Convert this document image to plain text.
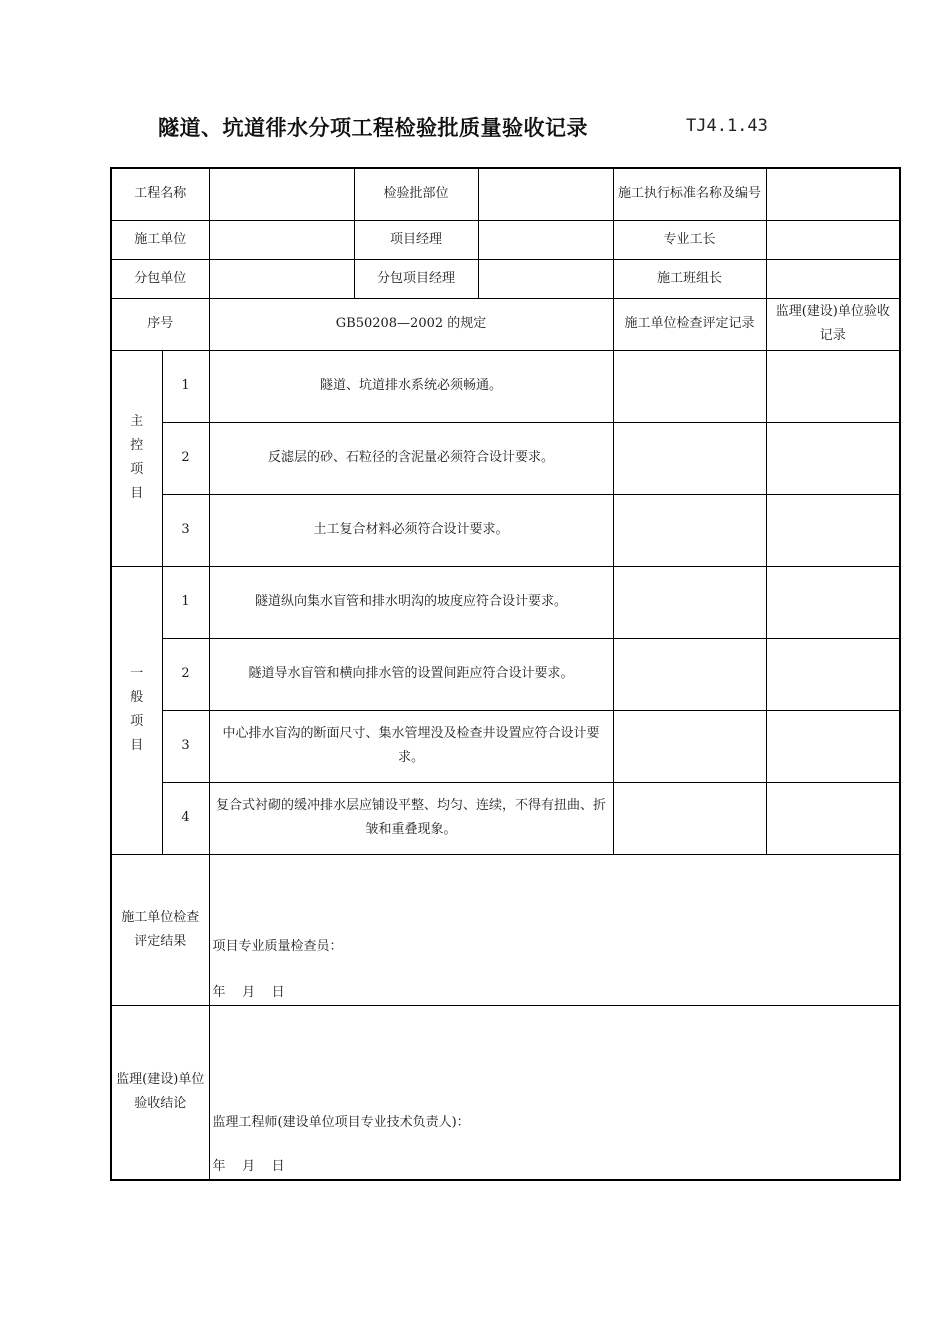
隧道、坑道徘水分项工程检验批质量验收记录	TJ4.1.43
工程名称			检验批部位		施工执行标准名称及编号	
施工单位			项目经理		专业工长	
分包单位			分包项目经理		施工班组长	
序号		GB50208—2002 的规定			施工单位检查评定记录	监理(建设)单位验收记录
主控项目	1	隧道、坑道排水系统必须畅通。				
	2	反滤层的砂、石粒径的含泥量必须符合设计要求。				
	3	土工复合材料必须符合设计要求。				
一般项目	1	隧道纵向集水盲管和排水明沟的坡度应符合设计要求。				
	2	隧道导水盲管和横向排水管的设置间距应符合设计要求。				
	3	中心排水盲沟的断面尺寸、集水管埋没及检查井设置应符合设计要求。				
	4	复合式衬砌的缓冲排水层应铺设平整、均匀、连续，不得有扭曲、折皱和重叠现象。				
施工单位检查评定结果		项目专业质量检查员：
年 月 日				

监理(建设)单位验收结论		监理工程师(建设单位项目专业技术负责人)：
年 月 日				
